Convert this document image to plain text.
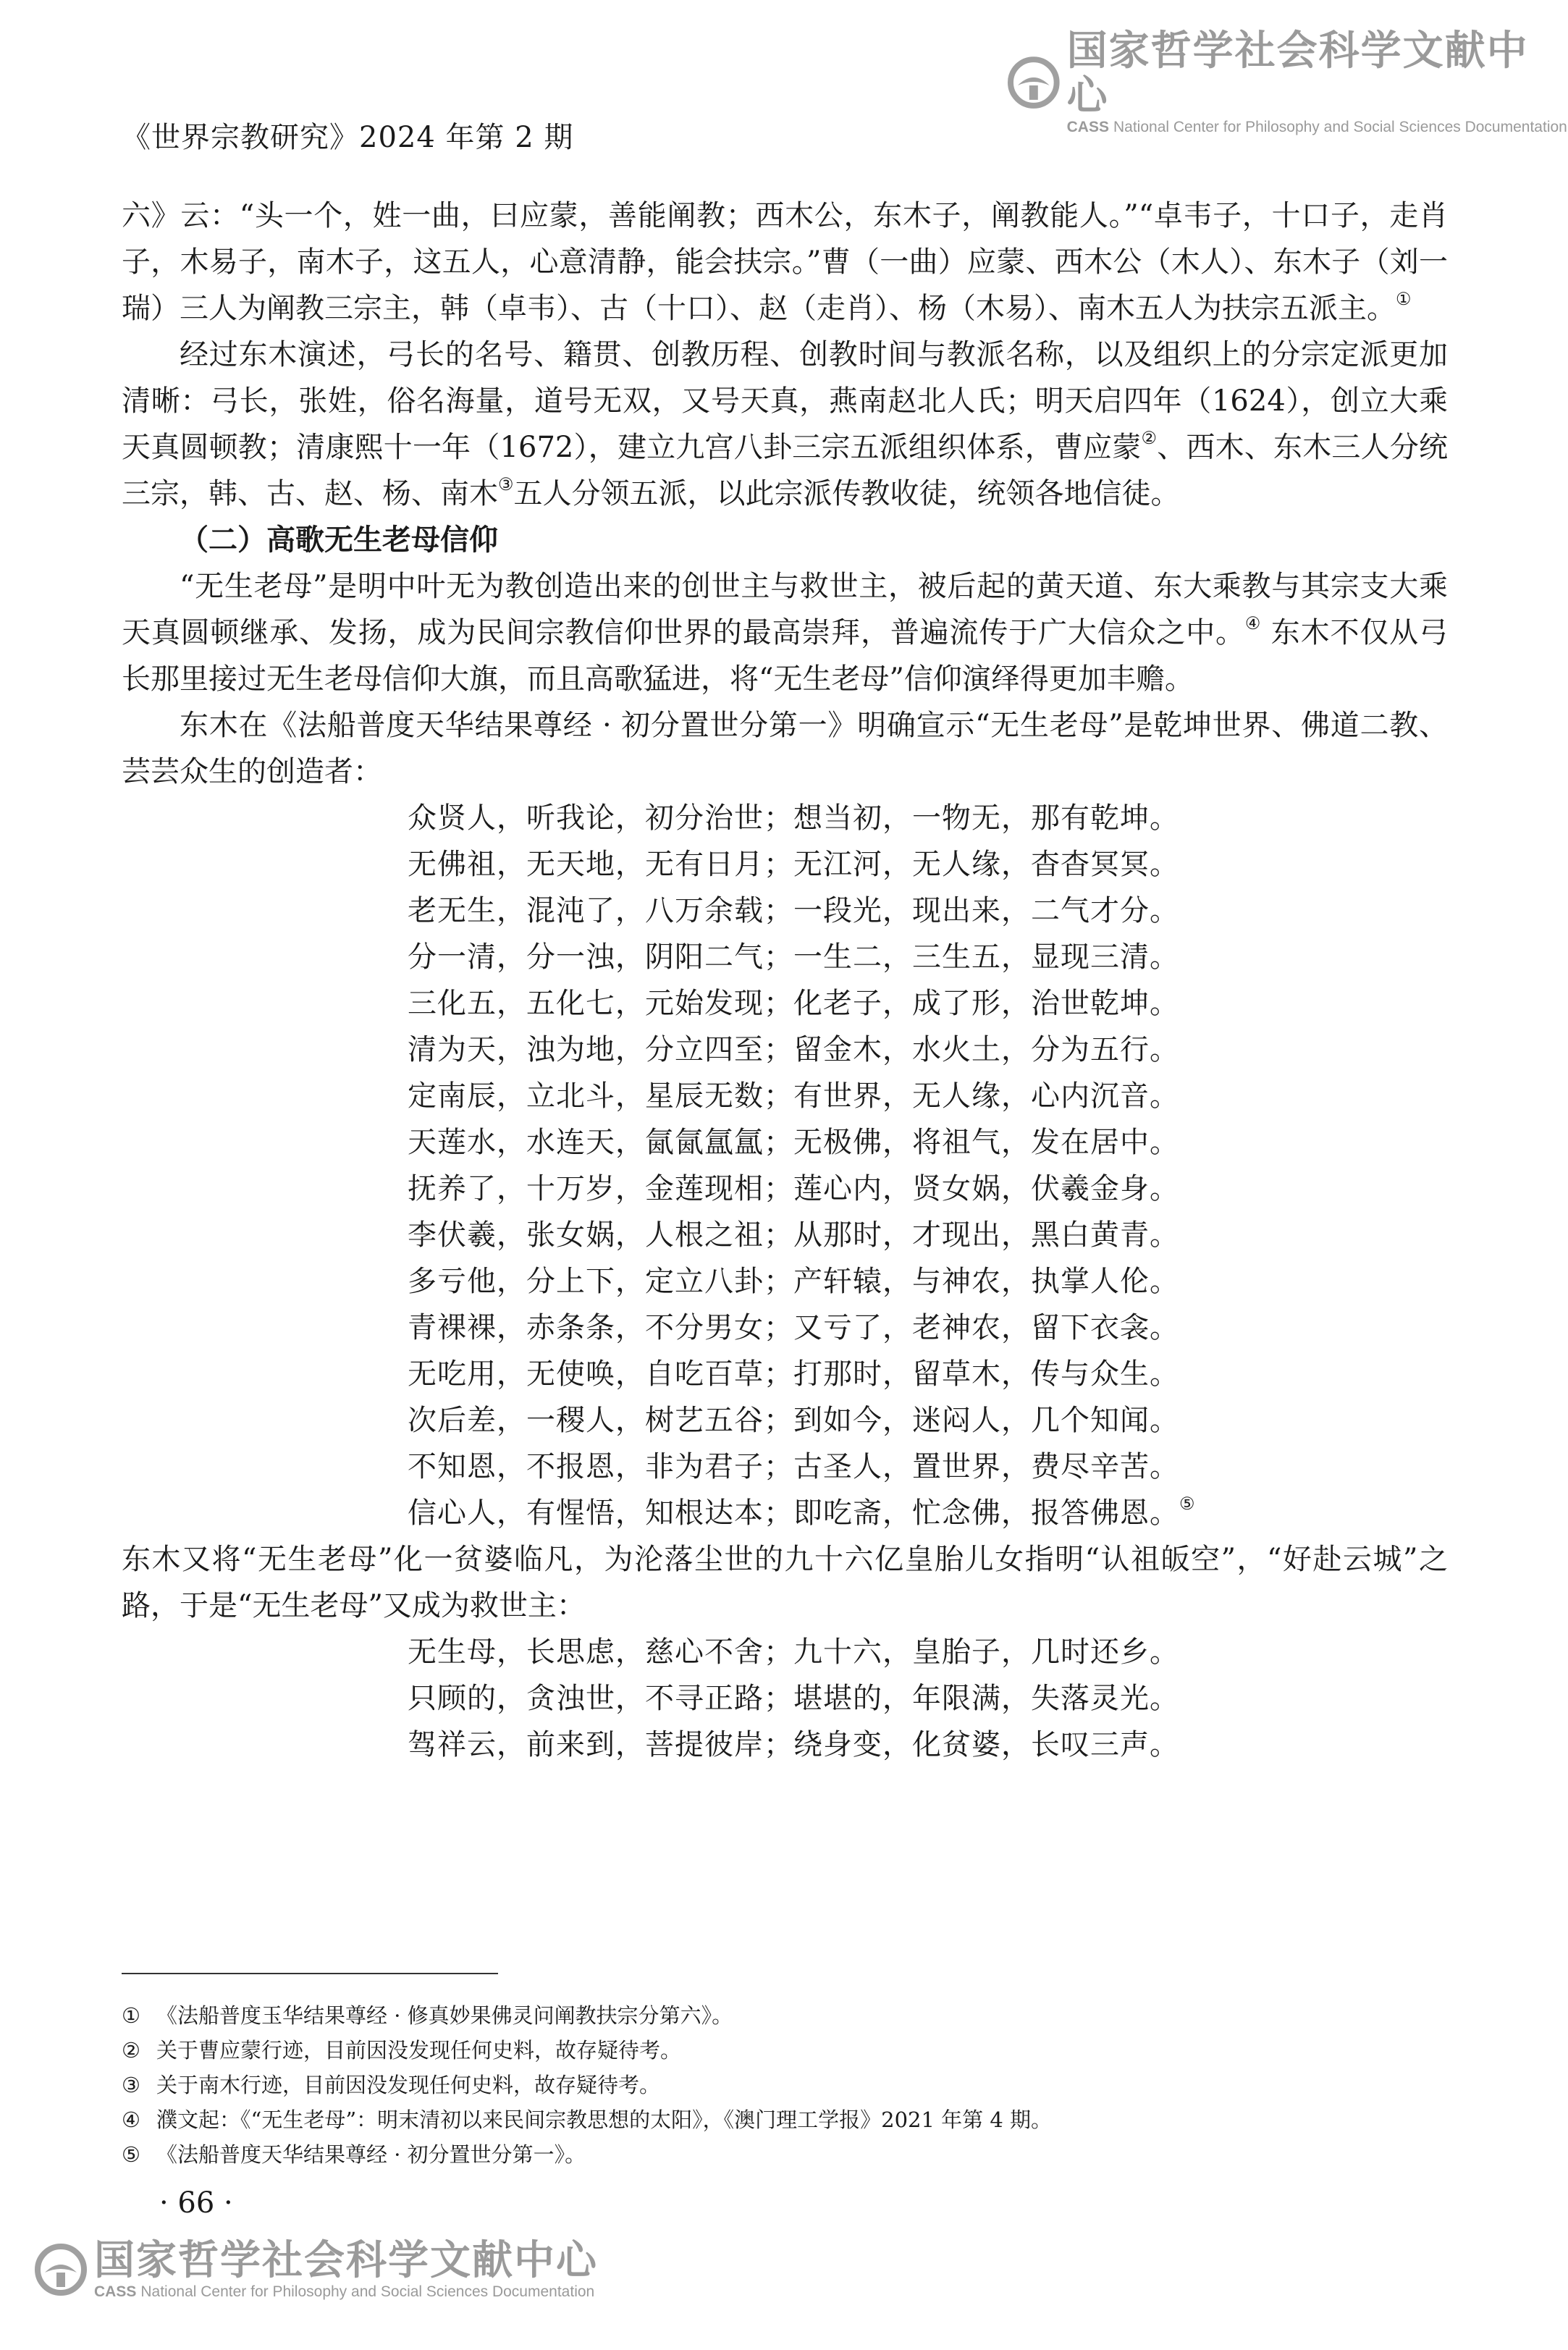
国家哲学社会科学文献中心
CASS National Center for Philosophy and Social Sciences Documentation
《世界宗教研究》2024 年第 2 期

六》云：“头一个，姓一曲，曰应蒙，善能阐教；西木公，东木子，阐教能人。”“卓韦子，十口子，走肖子，木易子，南木子，这五人，心意清静，能会扶宗。”曹（一曲）应蒙、西木公（木人）、东木子（刘一瑞）三人为阐教三宗主，韩（卓韦）、古（十口）、赵（走肖）、杨（木易）、南木五人为扶宗五派主。①

经过东木演述，弓长的名号、籍贯、创教历程、创教时间与教派名称，以及组织上的分宗定派更加清晰：弓长，张姓，俗名海量，道号无双，又号天真，燕南赵北人氏；明天启四年（1624），创立大乘天真圆顿教；清康熙十一年（1672），建立九宫八卦三宗五派组织体系，曹应蒙②、西木、东木三人分统三宗，韩、古、赵、杨、南木③五人分领五派，以此宗派传教收徒，统领各地信徒。

（二）高歌无生老母信仰

“无生老母”是明中叶无为教创造出来的创世主与救世主，被后起的黄天道、东大乘教与其宗支大乘天真圆顿继承、发扬，成为民间宗教信仰世界的最高崇拜，普遍流传于广大信众之中。④ 东木不仅从弓长那里接过无生老母信仰大旗，而且高歌猛进，将“无生老母”信仰演绎得更加丰赡。

东木在《法船普度天华结果尊经 · 初分置世分第一》明确宣示“无生老母”是乾坤世界、佛道二教、芸芸众生的创造者：

众贤人，听我论，初分治世；想当初，一物无，那有乾坤。
无佛祖，无天地，无有日月；无江河，无人缘，杳杳冥冥。
老无生，混沌了，八万余载；一段光，现出来，二气才分。
分一清，分一浊，阴阳二气；一生二，三生五，显现三清。
三化五，五化七，元始发现；化老子，成了形，治世乾坤。
清为天，浊为地，分立四至；留金木，水火土，分为五行。
定南辰，立北斗，星辰无数；有世界，无人缘，心内沉音。
天莲水，水连天，氤氤氲氲；无极佛，将祖气，发在居中。
抚养了，十万岁，金莲现相；莲心内，贤女娲，伏羲金身。
李伏羲，张女娲，人根之祖；从那时，才现出，黑白黄青。
多亏他，分上下，定立八卦；产轩辕，与神农，执掌人伦。
青裸裸，赤条条，不分男女；又亏了，老神农，留下衣衾。
无吃用，无使唤，自吃百草；打那时，留草木，传与众生。
次后差，一稷人，树艺五谷；到如今，迷闷人，几个知闻。
不知恩，不报恩，非为君子；古圣人，置世界，费尽辛苦。
信心人，有惺悟，知根达本；即吃斋，忙念佛，报答佛恩。⑤

东木又将“无生老母”化一贫婆临凡，为沦落尘世的九十六亿皇胎儿女指明“认祖皈空”，“好赴云城”之路，于是“无生老母”又成为救世主：

无生母，长思虑，慈心不舍；九十六，皇胎子，几时还乡。
只顾的，贪浊世，不寻正路；堪堪的，年限满，失落灵光。
驾祥云，前来到，菩提彼岸；绕身变，化贫婆，长叹三声。
① 《法船普度玉华结果尊经 · 修真妙果佛灵问阐教扶宗分第六》。
② 关于曹应蒙行迹，目前因没发现任何史料，故存疑待考。
③ 关于南木行迹，目前因没发现任何史料，故存疑待考。
④ 濮文起：《“无生老母”：明末清初以来民间宗教思想的太阳》，《澳门理工学报》2021 年第 4 期。
⑤ 《法船普度天华结果尊经 · 初分置世分第一》。
· 66 ·
国家哲学社会科学文献中心
CASS National Center for Philosophy and Social Sciences Documentation
